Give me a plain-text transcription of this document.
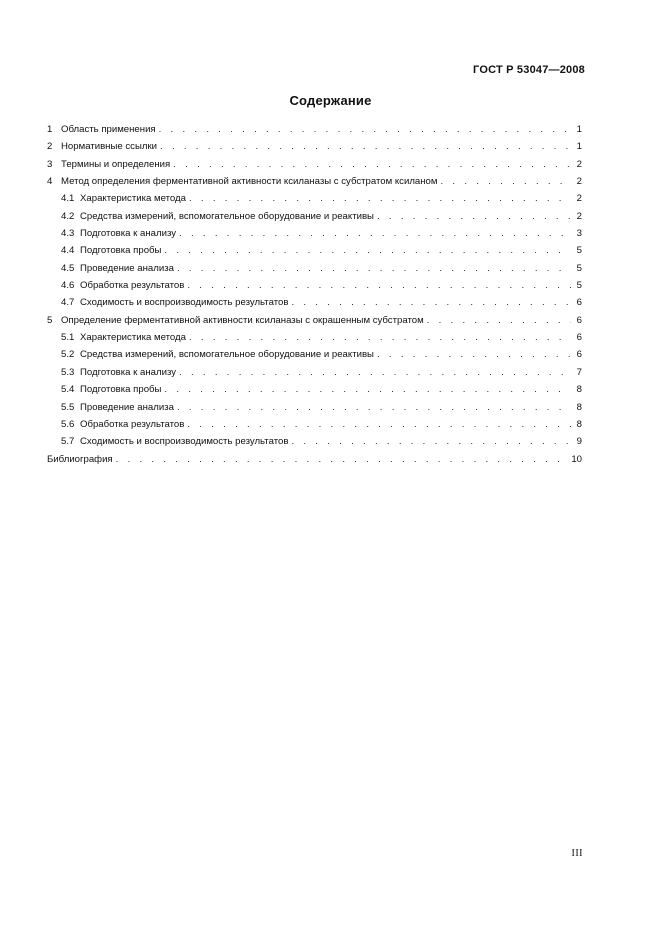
ГОСТ Р 53047—2008
Содержание
1 Область применения . . .	1
2 Нормативные ссылки . . .	1
3 Термины и определения . . .	2
4 Метод определения ферментативной активности ксиланазы с субстратом ксиланом . . .	2
4.1 Характеристика метода . . .	2
4.2 Средства измерений, вспомогательное оборудование и реактивы . . .	2
4.3 Подготовка к анализу . . .	3
4.4 Подготовка пробы . . .	5
4.5 Проведение анализа . . .	5
4.6 Обработка результатов . . .	5
4.7 Сходимость и воспроизводимость результатов . . .	6
5 Определение ферментативной активности ксиланазы с окрашенным субстратом . . .	6
5.1 Характеристика метода . . .	6
5.2 Средства измерений, вспомогательное оборудование и реактивы . . .	6
5.3 Подготовка к анализу . . .	7
5.4 Подготовка пробы . . .	8
5.5 Проведение анализа . . .	8
5.6 Обработка результатов . . .	8
5.7 Сходимость и воспроизводимость результатов . . .	9
Библиография . . .	10
III
